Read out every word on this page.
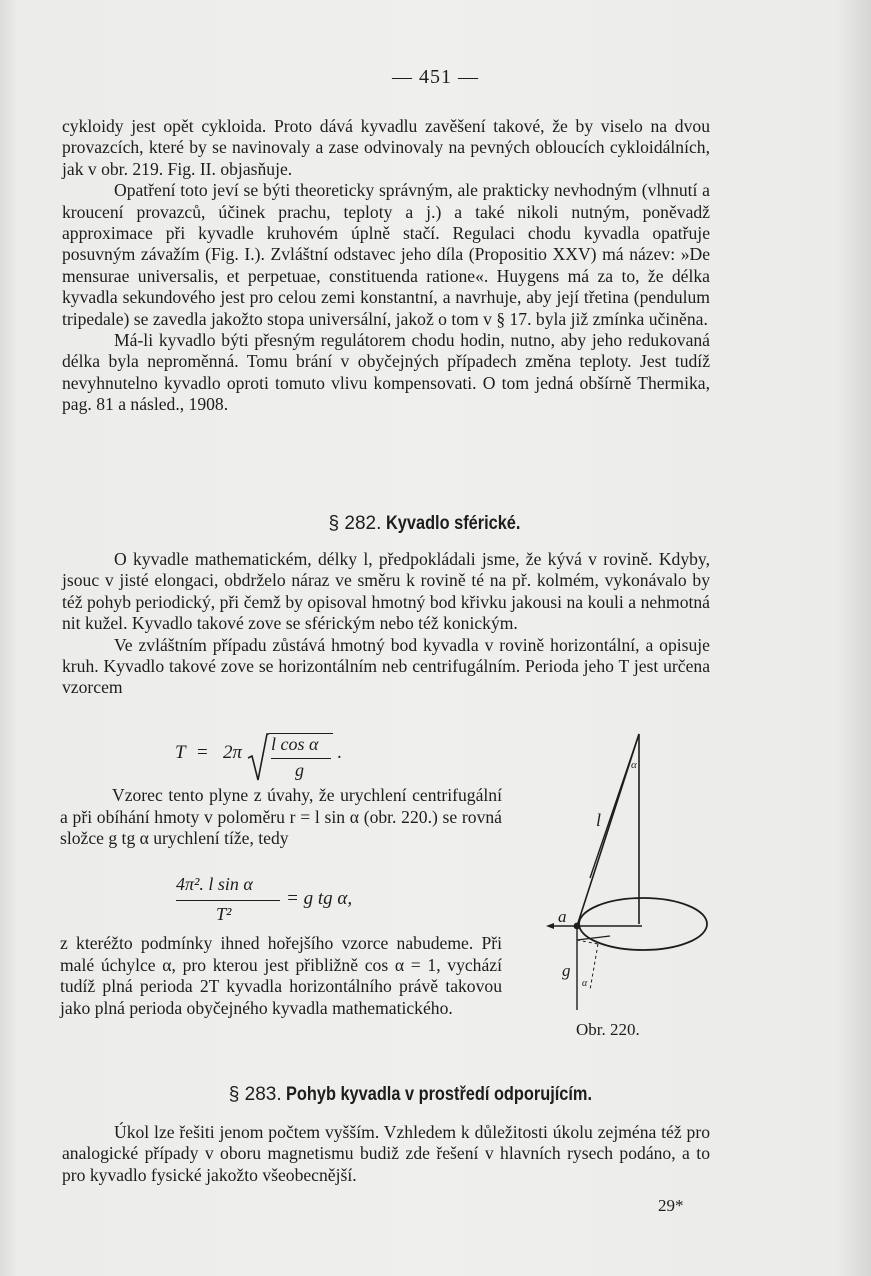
— 451 —

cykloidy jest opět cykloida. Proto dává kyvadlu zavěšení takové, že by viselo na dvou provazcích, které by se navinovaly a zase odvinovaly na pevných obloucích cykloidálních, jak v obr. 219. Fig. II. objasňuje.

Opatření toto jeví se býti theoreticky správným, ale prakticky nevhodným (vlhnutí a kroucení provazců, účinek prachu, teploty a j.) a také nikoli nutným, poněvadž approximace při kyvadle kruhovém úplně stačí. Regulaci chodu kyvadla opatřuje posuvným závažím (Fig. I.). Zvláštní odstavec jeho díla (Propositio XXV) má název: »De mensurae universalis, et perpetuae, constituenda ratione«. Huygens má za to, že délka kyvadla sekundového jest pro celou zemi konstantní, a navrhuje, aby její třetina (pendulum tripedale) se zavedla jakožto stopa universální, jakož o tom v § 17. byla již zmínka učiněna.

Má-li kyvadlo býti přesným regulátorem chodu hodin, nutno, aby jeho redukovaná délka byla neproměnná. Tomu brání v obyčejných případech změna teploty. Jest tudíž nevyhnutelno kyvadlo oproti tomuto vlivu kompensovati. O tom jedná obšírně Thermika, pag. 81 a násled., 1908.

§ 282. Kyvadlo sférické.

O kyvadle mathematickém, délky l, předpokládali jsme, že kývá v rovině. Kdyby, jsouc v jisté elongaci, obdrželo náraz ve směru k rovině té na př. kolmém, vykonávalo by též pohyb periodický, při čemž by opisoval hmotný bod křivku jakousi na kouli a nehmotná nit kužel. Kyvadlo takové zove se sférickým nebo též konickým.

Ve zvláštním případu zůstává hmotný bod kyvadla v rovině horizontální, a opisuje kruh. Kyvadlo takové zove se horizontálním neb centrifugálním. Perioda jeho T jest určena vzorcem

T = 2π l cos α
g
.
Vzorec tento plyne z úvahy, že urychlení centrifugální a při obíhání hmoty v poloměru r = l sin α (obr. 220.) se rovná složce g tg α urychlení tíže, tedy
4π². l sin α
T²
= g tg α,
z kteréžto podmínky ihned hořejšího vzorce nabudeme. Při malé úchylce α, pro kterou jest přibližně cos α = 1, vychází tudíž plná perioda 2T kyvadla horizontálního právě takovou jako plná perioda obyčejného kyvadla mathematického.
α
l
a
g
α
Obr. 220.
§ 283. Pohyb kyvadla v prostředí odporujícím.

Úkol lze řešiti jenom počtem vyšším. Vzhledem k důležitosti úkolu zejména též pro analogické případy v oboru magnetismu budiž zde řešení v hlavních rysech podáno, a to pro kyvadlo fysické jakožto všeobecnější.

29*
